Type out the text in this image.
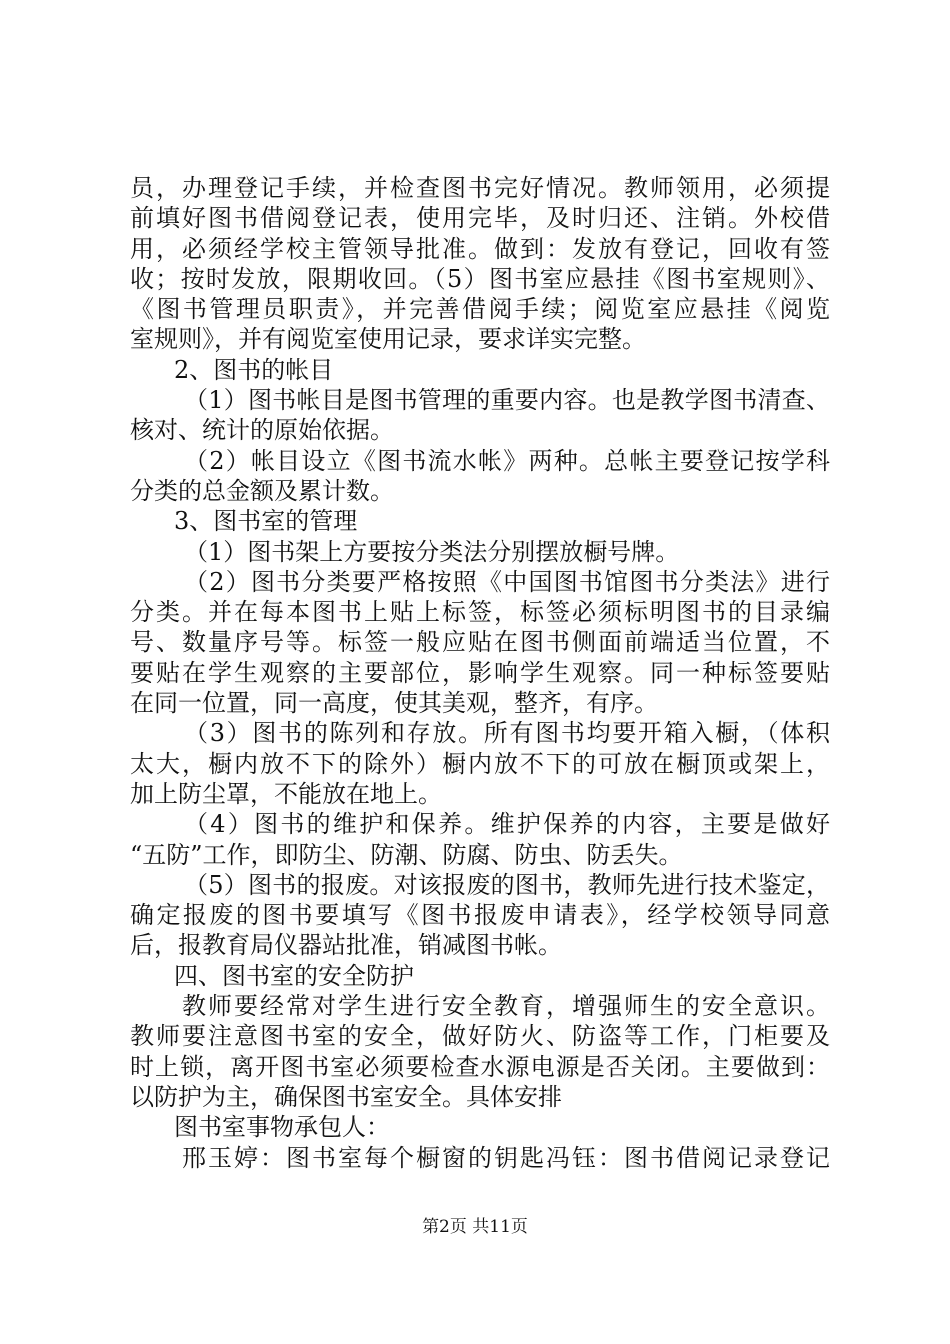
员，办理登记手续，并检查图书完好情况。教师领用，必须提
前填好图书借阅登记表，使用完毕，及时归还、注销。外校借
用，必须经学校主管领导批准。做到：发放有登记，回收有签
收；按时发放，限期收回。（5）图书室应悬挂《图书室规则》、
《图书管理员职责》，并完善借阅手续；阅览室应悬挂《阅览
室规则》，并有阅览室使用记录，要求详实完整。
2、图书的帐目
（1）图书帐目是图书管理的重要内容。也是教学图书清查、
核对、统计的原始依据。
（2）帐目设立《图书流水帐》两种。总帐主要登记按学科
分类的总金额及累计数。
3、图书室的管理
（1）图书架上方要按分类法分别摆放橱号牌。
（2）图书分类要严格按照《中国图书馆图书分类法》进行
分类。并在每本图书上贴上标签，标签必须标明图书的目录编
号、数量序号等。标签一般应贴在图书侧面前端适当位置，不
要贴在学生观察的主要部位，影响学生观察。同一种标签要贴
在同一位置，同一高度，使其美观，整齐，有序。
（3）图书的陈列和存放。所有图书均要开箱入橱，（体积
太大，橱内放不下的除外）橱内放不下的可放在橱顶或架上，
加上防尘罩，不能放在地上。
（4）图书的维护和保养。维护保养的内容，主要是做好
“五防”工作，即防尘、防潮、防腐、防虫、防丢失。
（5）图书的报废。对该报废的图书，教师先进行技术鉴定，
确定报废的图书要填写《图书报废申请表》，经学校领导同意
后，报教育局仪器站批准，销减图书帐。
四、图书室的安全防护
教师要经常对学生进行安全教育，增强师生的安全意识。
教师要注意图书室的安全，做好防火、防盗等工作，门柜要及
时上锁，离开图书室必须要检查水源电源是否关闭。主要做到：
以防护为主，确保图书室安全。具体安排
图书室事物承包人：
邢玉婷：图书室每个橱窗的钥匙冯钰：图书借阅记录登记
第2页 共11页
